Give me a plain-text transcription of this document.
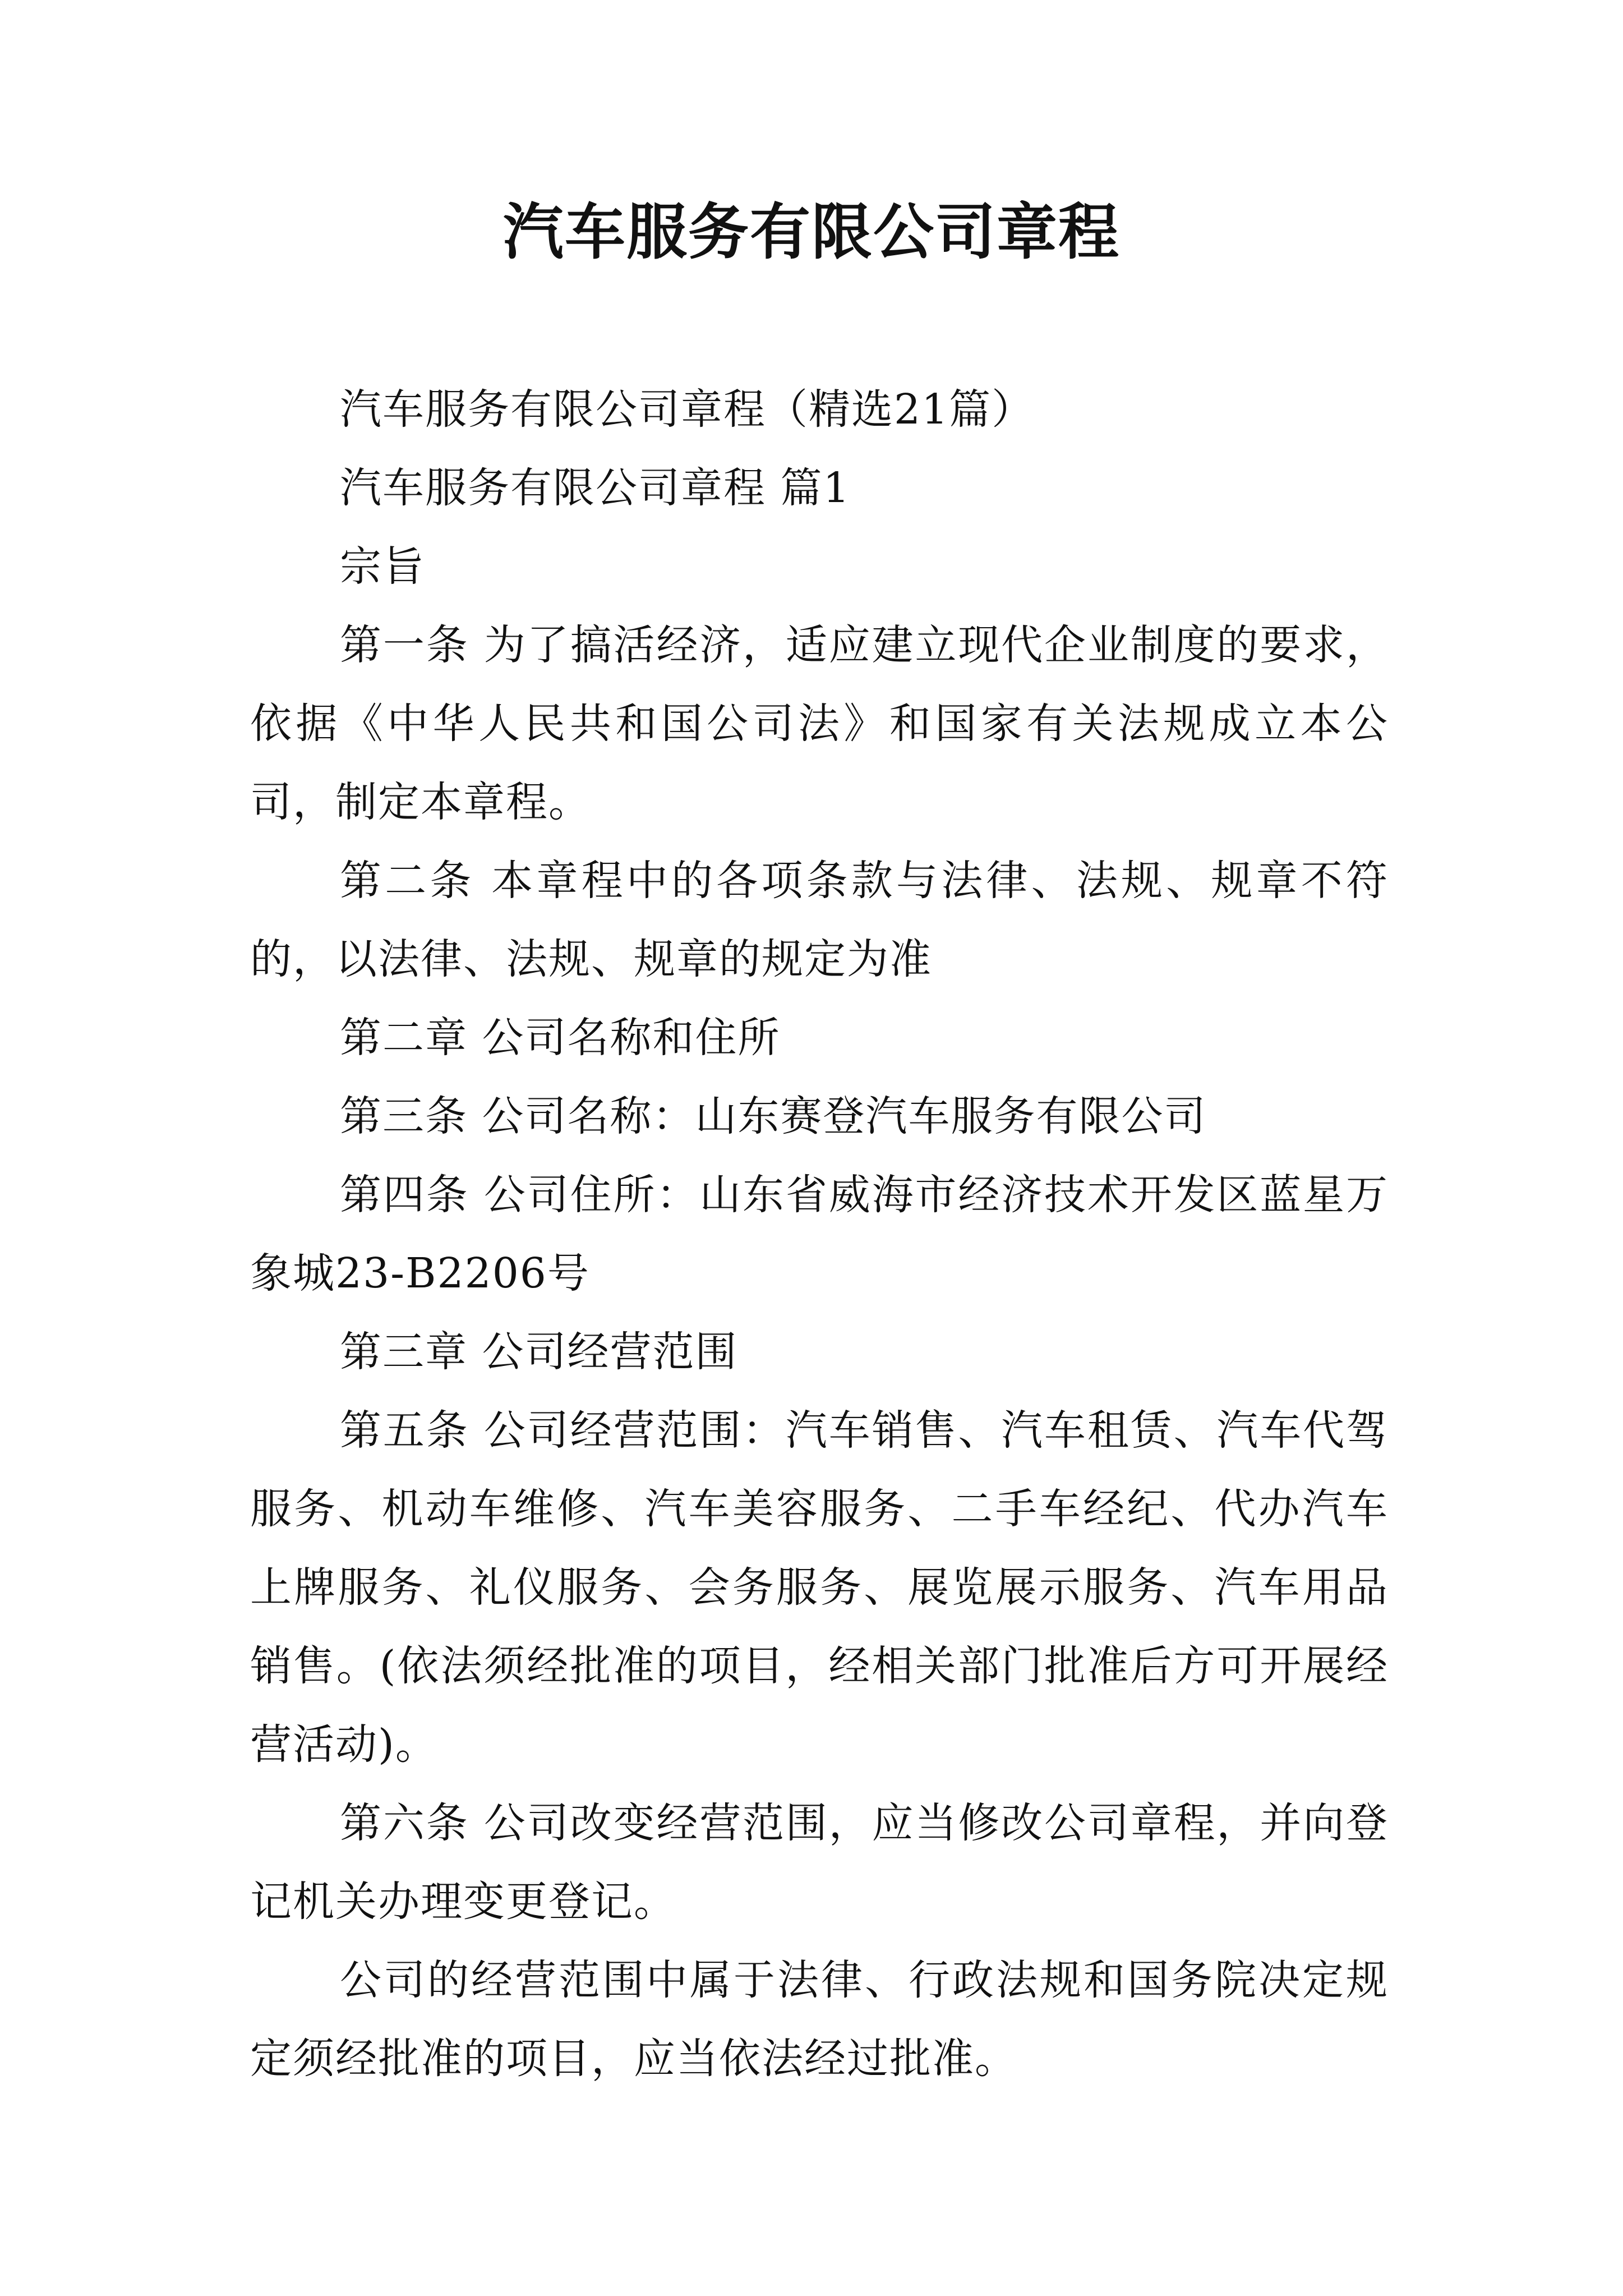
汽车服务有限公司章程

汽车服务有限公司章程（精选21篇）

汽车服务有限公司章程 篇1

宗旨

第一条 为了搞活经济，适应建立现代企业制度的要求，依据《中华人民共和国公司法》和国家有关法规成立本公司，制定本章程。

第二条 本章程中的各项条款与法律、法规、规章不符的，以法律、法规、规章的规定为准

第二章 公司名称和住所

第三条 公司名称：山东赛登汽车服务有限公司

第四条 公司住所：山东省威海市经济技术开发区蓝星万象城23-B2206号

第三章 公司经营范围

第五条 公司经营范围：汽车销售、汽车租赁、汽车代驾服务、机动车维修、汽车美容服务、二手车经纪、代办汽车上牌服务、礼仪服务、会务服务、展览展示服务、汽车用品销售。(依法须经批准的项目，经相关部门批准后方可开展经营活动)。

第六条 公司改变经营范围，应当修改公司章程，并向登记机关办理变更登记。

公司的经营范围中属于法律、行政法规和国务院决定规定须经批准的项目，应当依法经过批准。
